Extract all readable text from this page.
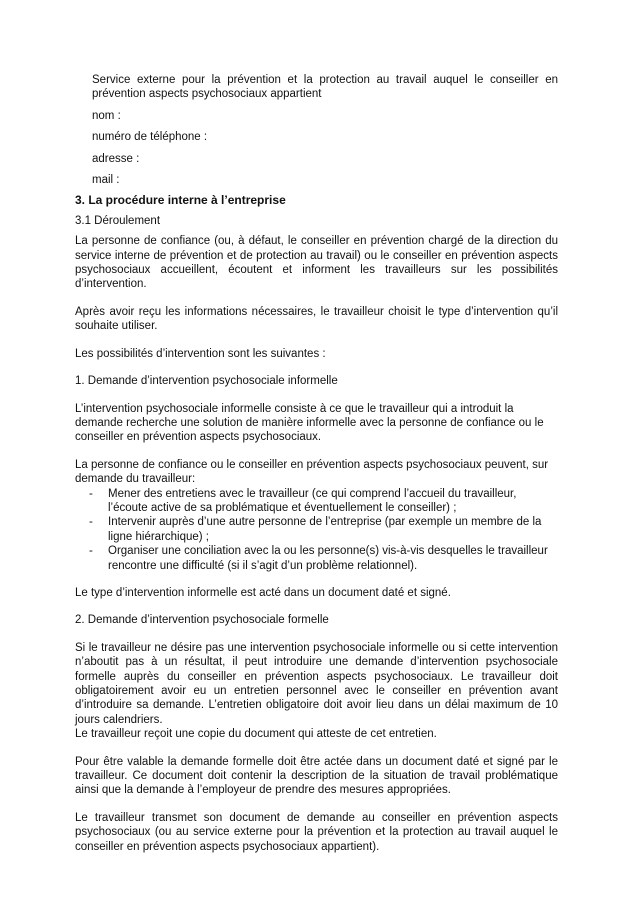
Service externe pour la prévention et la protection au travail auquel le conseiller en prévention aspects psychosociaux appartient

nom :

numéro de téléphone :

adresse :

mail :

3. La procédure interne à l’entreprise

3.1 Déroulement

La personne de confiance (ou, à défaut, le conseiller en prévention chargé de la direction du service interne de prévention et de protection au travail) ou le conseiller en prévention aspects psychosociaux accueillent, écoutent et informent les travailleurs sur les possibilités d’intervention.

Après avoir reçu les informations nécessaires, le travailleur choisit le type d’intervention qu’il souhaite utiliser.

Les possibilités d’intervention sont les suivantes :

1. Demande d’intervention psychosociale informelle

L’intervention psychosociale informelle consiste à ce que le travailleur qui a introduit la demande recherche une solution de manière informelle avec la personne de confiance ou le conseiller en prévention aspects psychosociaux.

La personne de confiance ou le conseiller en prévention aspects psychosociaux peuvent, sur demande du travailleur:

- Mener des entretiens avec le travailleur (ce qui comprend l’accueil du travailleur, l’écoute active de sa problématique et éventuellement le conseiller) ;
- Intervenir auprès d’une autre personne de l’entreprise (par exemple un membre de la ligne hiérarchique) ;
- Organiser une conciliation avec la ou les personne(s) vis-à-vis desquelles le travailleur rencontre une difficulté (si il s’agit d’un problème relationnel).

Le type d’intervention informelle est acté dans un document daté et signé.

2. Demande d’intervention psychosociale formelle

Si le travailleur ne désire pas une intervention psychosociale informelle ou si cette intervention n’aboutit pas à un résultat, il peut introduire une demande d’intervention psychosociale formelle auprès du conseiller en prévention aspects psychosociaux. Le travailleur doit obligatoirement avoir eu un entretien personnel avec le conseiller en prévention avant d’introduire sa demande. L’entretien obligatoire doit avoir lieu dans un délai maximum de 10 jours calendriers.

Le travailleur reçoit une copie du document qui atteste de cet entretien.

Pour être valable la demande formelle doit être actée dans un document daté et signé par le travailleur. Ce document doit contenir la description de la situation de travail problématique ainsi que la demande à l’employeur de prendre des mesures appropriées.

Le travailleur transmet son document de demande au conseiller en prévention aspects psychosociaux (ou au service externe pour la prévention et la protection au travail auquel le conseiller en prévention aspects psychosociaux appartient).
